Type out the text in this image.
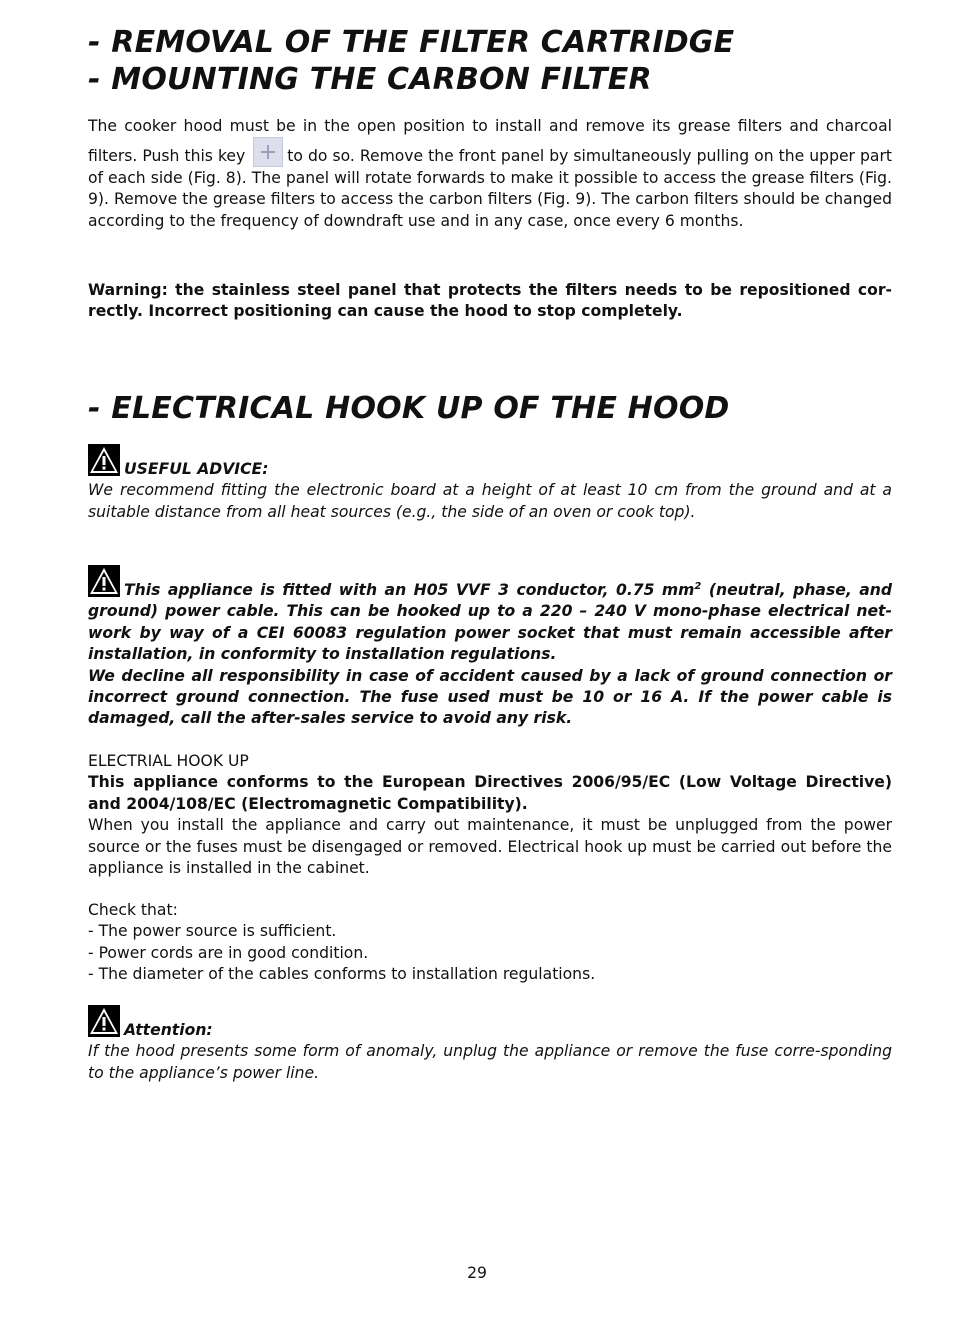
- REMOVAL OF THE FILTER CARTRIDGE
- MOUNTING THE CARBON FILTER

The cooker hood must be in the open position to install and remove its grease filters and charcoal filters. Push this key	to do so. Remove the front panel by simultaneously pulling on the upper part of each side (Fig. 8). The panel will rotate forwards to make it possible to access the grease filters (Fig. 9). Remove the grease filters to access the carbon filters (Fig. 9). The carbon filters should be changed according to the frequency of downdraft use and in any case, once every 6 months.

Warning: the stainless steel panel that protects the filters needs to be repositioned cor-rectly. Incorrect positioning can cause the hood to stop completely.

- ELECTRICAL HOOK UP OF THE HOOD

USEFUL ADVICE:
We recommend fitting the electronic board at a height of at least 10 cm from the ground and at a suitable distance from all heat sources (e.g., the side of an oven or cook top).

This appliance is fitted with an H05 VVF 3 conductor, 0.75 $mm^2$ (neutral, phase, and ground) power cable. This can be hooked up to a 220 – 240 V mono-phase electrical net-work by way of a CEI 60083 regulation power socket that must remain accessible after installation, in conformity to installation regulations.
We decline all responsibility in case of accident caused by a lack of ground connection or incorrect ground connection. The fuse used must be 10 or 16 A. If the power cable is damaged, call the after-sales service to avoid any risk.

ELECTRIAL HOOK UP
This appliance conforms to the European Directives 2006/95/EC (Low Voltage Directive) and 2004/108/EC (Electromagnetic Compatibility).
When you install the appliance and carry out maintenance, it must be unplugged from the power source or the fuses must be disengaged or removed. Electrical hook up must be carried out before the appliance is installed in the cabinet.

Check that:
- The power source is sufficient.
- Power cords are in good condition.
- The diameter of the cables conforms to installation regulations.

Attention:
If the hood presents some form of anomaly, unplug the appliance or remove the fuse corre-sponding to the appliance’s power line.

29
